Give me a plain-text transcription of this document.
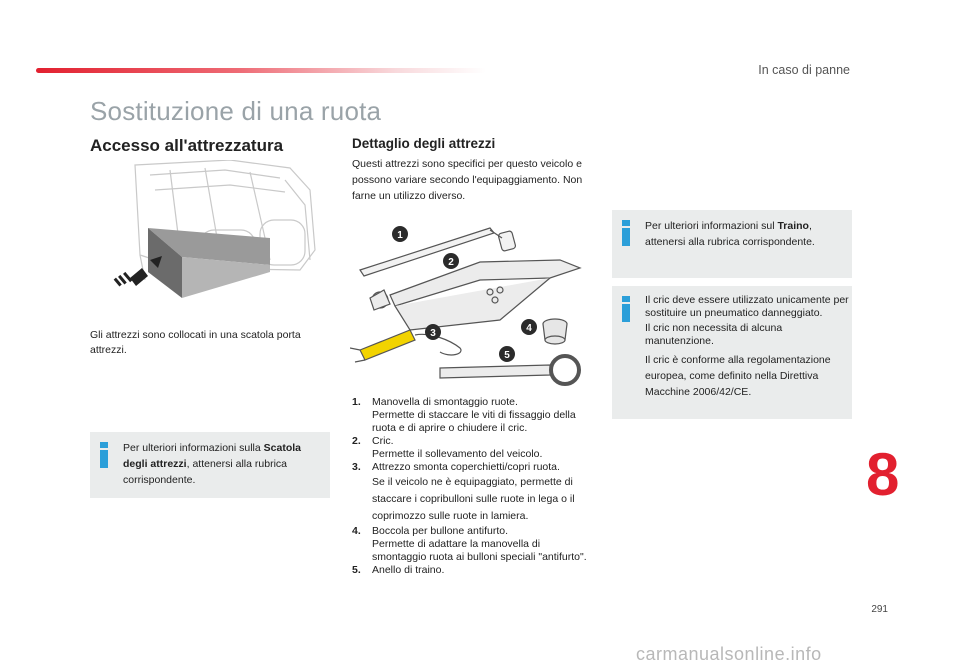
In caso di panne
Sostituzione di una ruota
Accesso all'attrezzatura	Dettaglio degli attrezzi

Questi attrezzi sono specifici per questo veicolo e possono variare secondo l'equipaggiamento. Non farne un utilizzo diverso.

Gli attrezzi sono collocati in una scatola porta attrezzi.

1
2
3	4
5
Per ulteriori informazioni sulla Scatola degli attrezzi, attenersi alla rubrica corrispondente.
Per ulteriori informazioni sul Traino, attenersi alla rubrica corrispondente.

Il cric deve essere utilizzato unicamente per sostituire un pneumatico danneggiato.

Il cric non necessita di alcuna manutenzione.

Il cric è conforme alla regolamentazione europea, come definito nella Direttiva Macchine 2006/42/CE.

1. Manovella di smontaggio ruote.
Permette di staccare le viti di fissaggio della ruota e di aprire o chiudere il cric.
2. Cric.
Permette il sollevamento del veicolo.
3. Attrezzo smonta coperchietti/copri ruota.
Se il veicolo ne è equipaggiato, permette di staccare i copribulloni sulle ruote in lega o il coprimozzo sulle ruote in lamiera.
4. Boccola per bullone antifurto.
Permette di adattare la manovella di smontaggio ruota ai bulloni speciali "antifurto".
5. Anello di traino.
8
291
carmanualsonline.info
